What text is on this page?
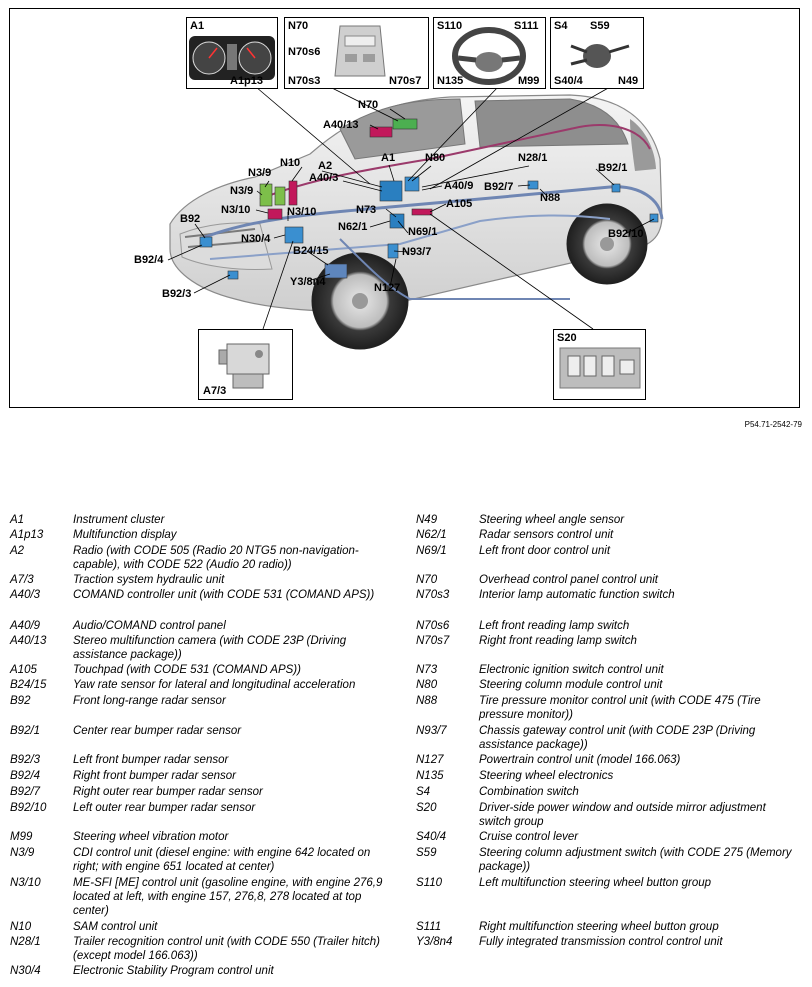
A1
A1p13
N70
N70s6
N70s3	N70s7
S110	S111
N135	M99
S4 S59
S40/4	N49
A7/3
S20
N70
A40/13
N10 A2
A40/3
A1	N80	N28/1
B92/1
N3/9
N3/9
N3/10	N3/10
A40/9 B92/7
N88
B92
N73	A105
N62/1
N30/4
N69/1
B24/15	N93/7
B92/10
B92/4
Y3/8n4	N127
B92/3
P54.71-2542-79
A1	Instrument cluster
A1p13	Multifunction display
A2	Radio (with CODE 505 (Radio 20 NTG5 non-navigation-capable), with CODE 522 (Audio 20 radio))
A7/3	Traction system hydraulic unit
A40/3	COMAND controller unit (with CODE 531 (COMAND APS))
A40/9	Audio/COMAND control panel
A40/13	Stereo multifunction camera (with CODE 23P (Driving assistance package))
A105	Touchpad (with CODE 531 (COMAND APS))
B24/15	Yaw rate sensor for lateral and longitudinal acceleration
B92	Front long-range radar sensor
B92/1	Center rear bumper radar sensor
B92/3	Left front bumper radar sensor
B92/4	Right front bumper radar sensor
B92/7	Right outer rear bumper radar sensor
B92/10	Left outer rear bumper radar sensor
M99	Steering wheel vibration motor
N3/9	CDI control unit (diesel engine: with engine 642 located on right; with engine 651 located at center)
N3/10	ME-SFI [ME] control unit (gasoline engine, with engine 276,9 located at left, with engine 157, 276,8, 278 located at top center)
N10	SAM control unit
N28/1	Trailer recognition control unit (with CODE 550 (Trailer hitch) (except model 166.063))
N30/4	Electronic Stability Program control unit
N49	Steering wheel angle sensor
N62/1	Radar sensors control unit
N69/1	Left front door control unit
N70	Overhead control panel control unit
N70s3	Interior lamp automatic function switch
N70s6	Left front reading lamp switch
N70s7	Right front reading lamp switch
N73	Electronic ignition switch control unit
N80	Steering column module control unit
N88	Tire pressure monitor control unit (with CODE 475 (Tire pressure monitor))
N93/7	Chassis gateway control unit (with CODE 23P (Driving assistance package))
N127	Powertrain control unit (model 166.063)
N135	Steering wheel electronics
S4	Combination switch
S20	Driver-side power window and outside mirror adjustment switch group
S40/4	Cruise control lever
S59	Steering column adjustment switch (with CODE 275 (Memory package))
S110	Left multifunction steering wheel button group
S111	Right multifunction steering wheel button group
Y3/8n4	Fully integrated transmission control control unit
